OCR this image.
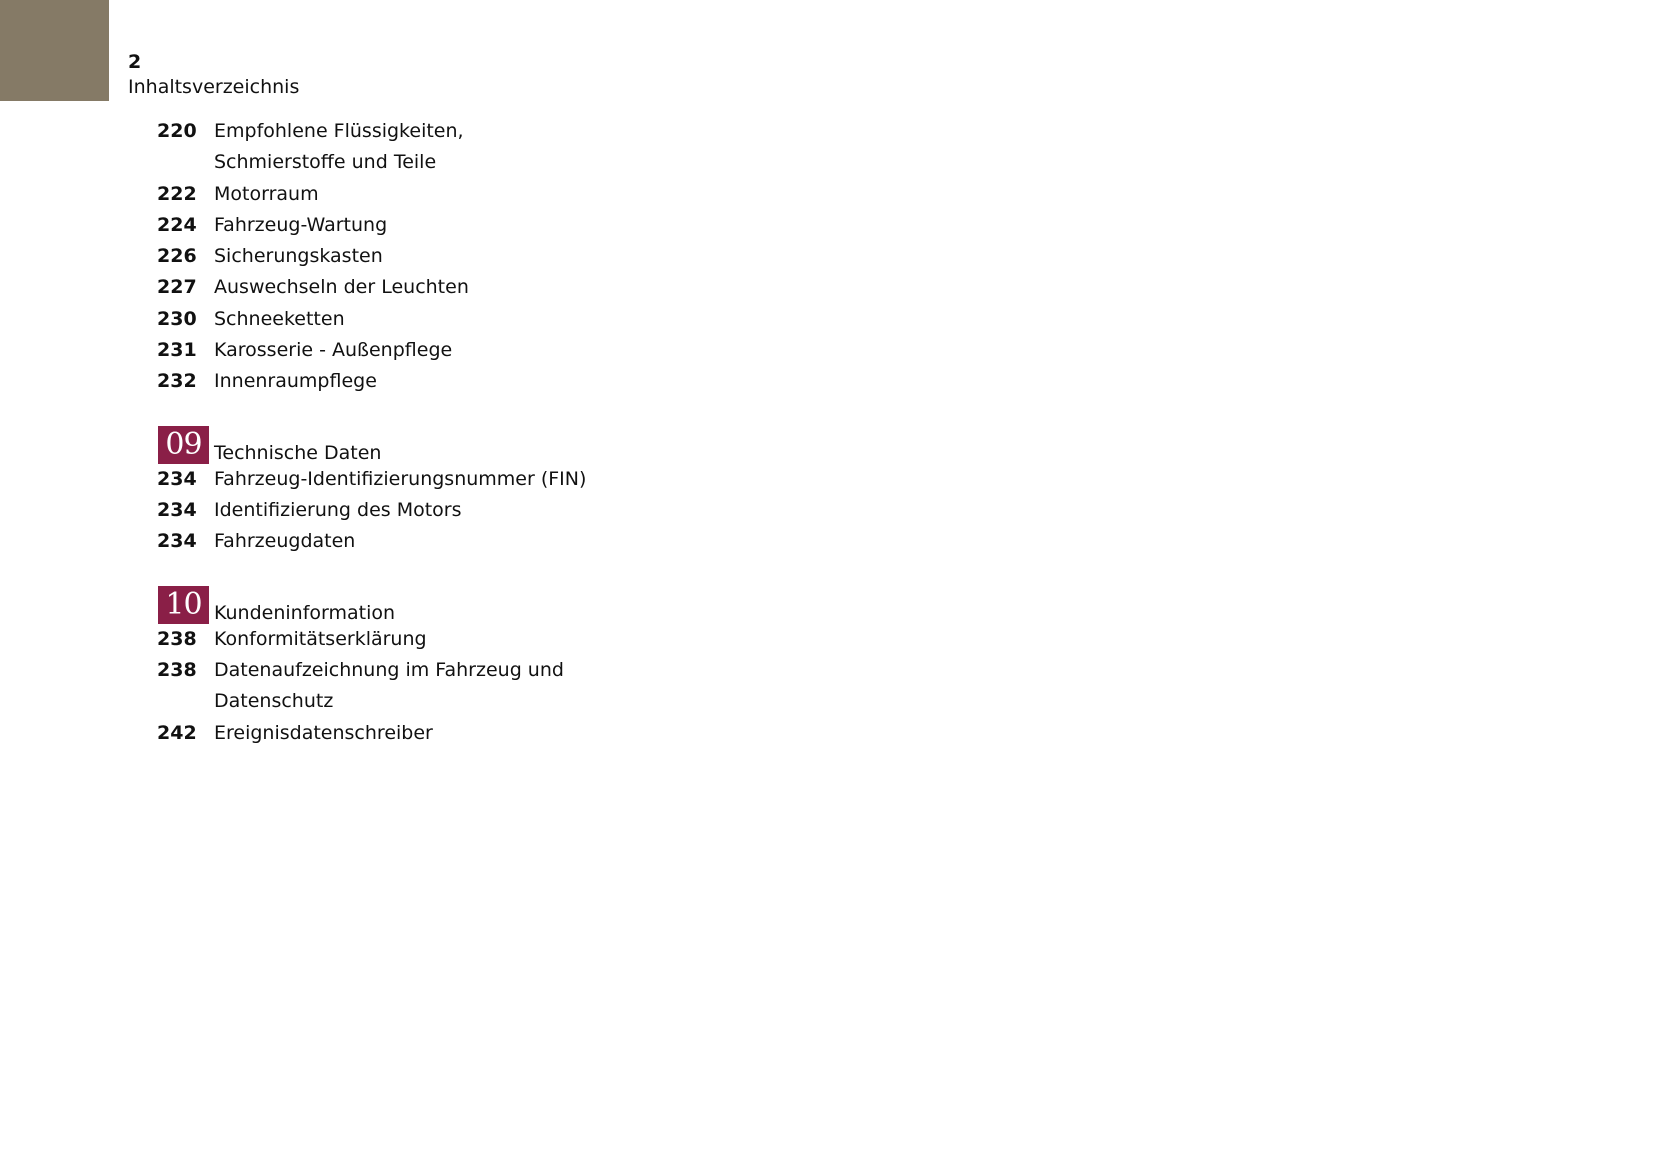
2
Inhaltsverzeichnis
220 Empfohlene Flüssigkeiten,
Schmierstoffe und Teile
222 Motorraum
224 Fahrzeug-Wartung
226 Sicherungskasten
227 Auswechseln der Leuchten
230 Schneeketten
231 Karosserie - Außenpflege
232 Innenraumpflege
09 Technische Daten
234 Fahrzeug-Identifizierungsnummer (FIN)
234 Identifizierung des Motors
234 Fahrzeugdaten
10 Kundeninformation
238 Konformitätserklärung
238 Datenaufzeichnung im Fahrzeug und
Datenschutz
242 Ereignisdatenschreiber
